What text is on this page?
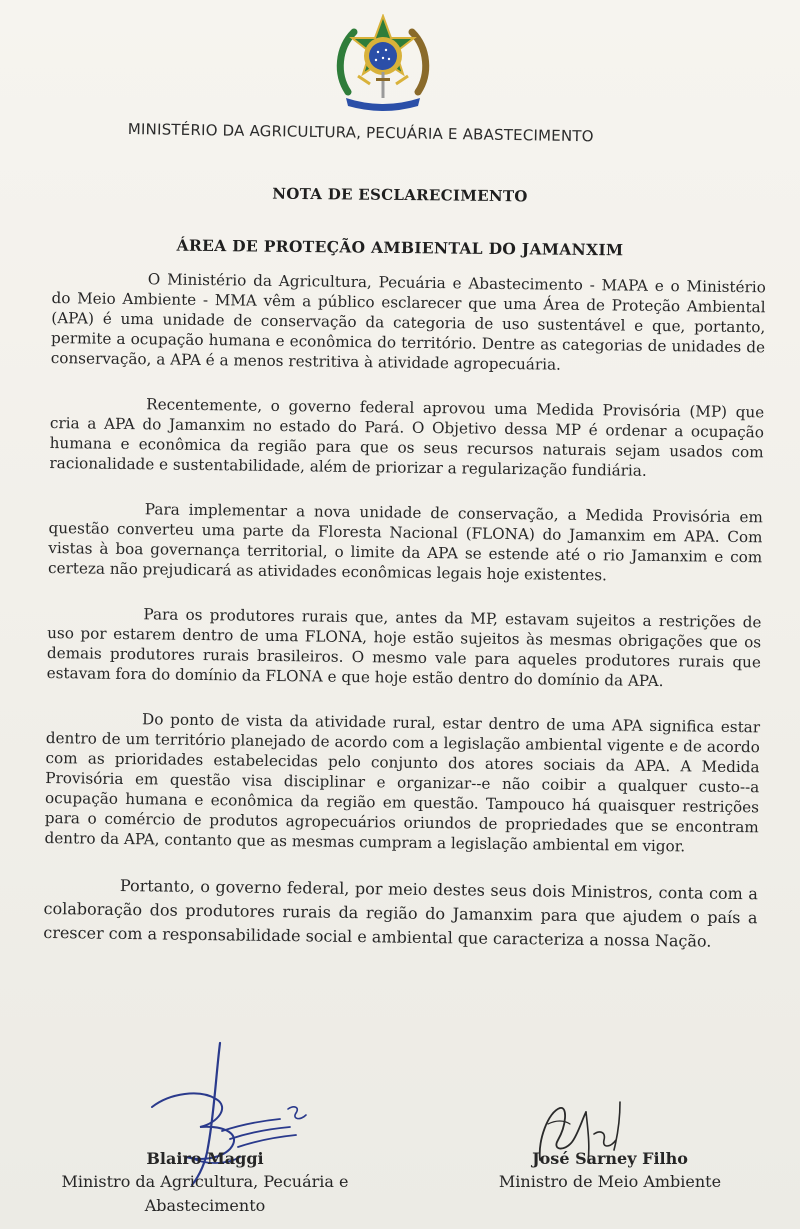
MINISTÉRIO DA AGRICULTURA, PECUÁRIA E ABASTECIMENTO
NOTA DE ESCLARECIMENTO
ÁREA DE PROTEÇÃO AMBIENTAL DO JAMANXIM

O Ministério da Agricultura, Pecuária e Abastecimento - MAPA e o Ministério do Meio Ambiente - MMA vêm a público esclarecer que uma Área de Proteção Ambiental (APA) é uma unidade de conservação da categoria de uso sustentável e que, portanto, permite a ocupação humana e econômica do território. Dentre as categorias de unidades de conservação, a APA é a menos restritiva à atividade agropecuária.

Recentemente, o governo federal aprovou uma Medida Provisória (MP) que cria a APA do Jamanxim no estado do Pará. O Objetivo dessa MP é ordenar a ocupação humana e econômica da região para que os seus recursos naturais sejam usados com racionalidade e sustentabilidade, além de priorizar a regularização fundiária.

Para implementar a nova unidade de conservação, a Medida Provisória em questão converteu uma parte da Floresta Nacional (FLONA) do Jamanxim em APA. Com vistas à boa governança territorial, o limite da APA se estende até o rio Jamanxim e com certeza não prejudicará as atividades econômicas legais hoje existentes.

Para os produtores rurais que, antes da MP, estavam sujeitos a restrições de uso por estarem dentro de uma FLONA, hoje estão sujeitos às mesmas obrigações que os demais produtores rurais brasileiros. O mesmo vale para aqueles produtores rurais que estavam fora do domínio da FLONA e que hoje estão dentro do domínio da APA.

Do ponto de vista da atividade rural, estar dentro de uma APA significa estar dentro de um território planejado de acordo com a legislação ambiental vigente e de acordo com as prioridades estabelecidas pelo conjunto dos atores sociais da APA. A Medida Provisória em questão visa disciplinar e organizar--e não coibir a qualquer custo--a ocupação humana e econômica da região em questão. Tampouco há quaisquer restrições para o comércio de produtos agropecuários oriundos de propriedades que se encontram dentro da APA, contanto que as mesmas cumpram a legislação ambiental em vigor.

Portanto, o governo federal, por meio destes seus dois Ministros, conta com a colaboração dos produtores rurais da região do Jamanxim para que ajudem o país a crescer com a responsabilidade social e ambiental que caracteriza a nossa Nação.

Blairo Maggi
Ministro da Agricultura, Pecuária e
Abastecimento
José Sarney Filho
Ministro de Meio Ambiente
